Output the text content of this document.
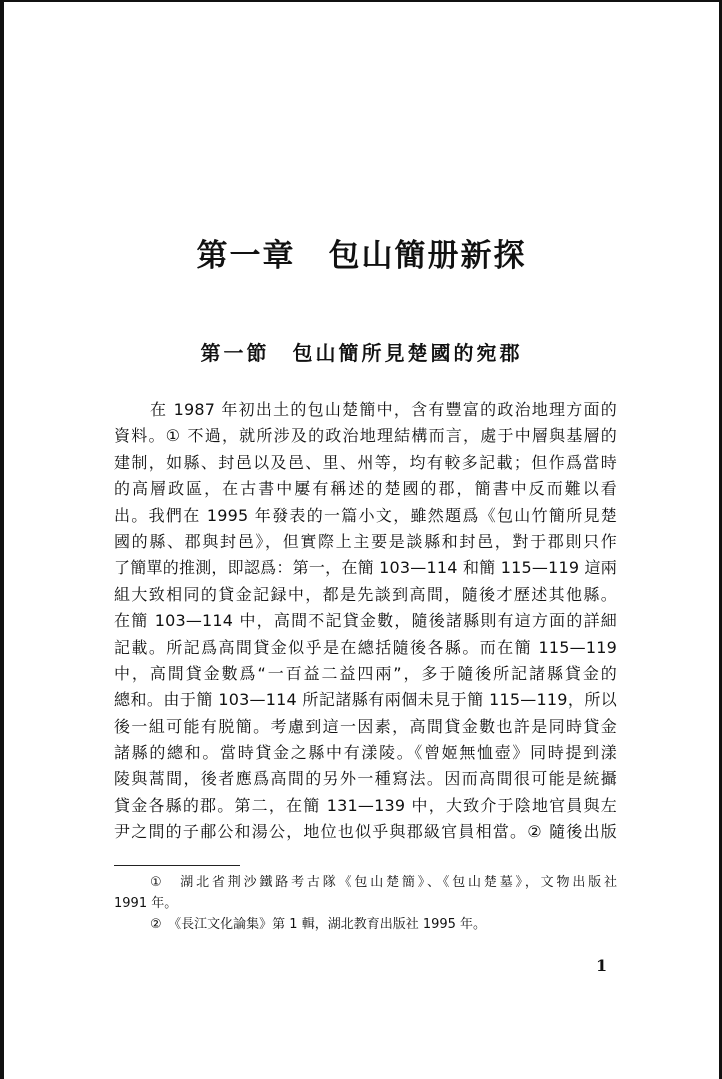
第一章　包山簡册新探
第一節　包山簡所見楚國的宛郡
在 1987 年初出土的包山楚簡中，含有豐富的政治地理方面的
資料。① 不過，就所涉及的政治地理結構而言，處于中層與基層的
建制，如縣、封邑以及邑、里、州等，均有較多記載；但作爲當時
的高層政區，在古書中屢有稱述的楚國的郡，簡書中反而難以看
出。我們在 1995 年發表的一篇小文，雖然題爲《包山竹簡所見楚
國的縣、郡與封邑》，但實際上主要是談縣和封邑，對于郡則只作
了簡單的推測，即認爲：第一，在簡 103—114 和簡 115—119 這兩
組大致相同的貸金記録中，都是先談到高間，隨後才歷述其他縣。
在簡 103—114 中，高間不記貸金數，隨後諸縣則有這方面的詳細
記載。所記爲高間貸金似乎是在總括隨後各縣。而在簡 115—119
中，高間貸金數爲“一百益二益四兩”，多于隨後所記諸縣貸金的
總和。由于簡 103—114 所記諸縣有兩個未見于簡 115—119，所以
後一組可能有脱簡。考慮到這一因素，高間貸金數也許是同時貸金
諸縣的總和。當時貸金之縣中有漾陵。《曾姬無恤壺》同時提到漾
陵與蒿間，後者應爲高間的另外一種寫法。因而高間很可能是統攝
貸金各縣的郡。第二，在簡 131—139 中，大致介于陰地官員與左
尹之間的子郙公和湯公，地位也似乎與郡級官員相當。② 隨後出版
①　湖北省荆沙鐵路考古隊《包山楚簡》、《包山楚墓》，文物出版社
1991 年。
②　《長江文化論集》第 1 輯，湖北教育出版社 1995 年。
1
